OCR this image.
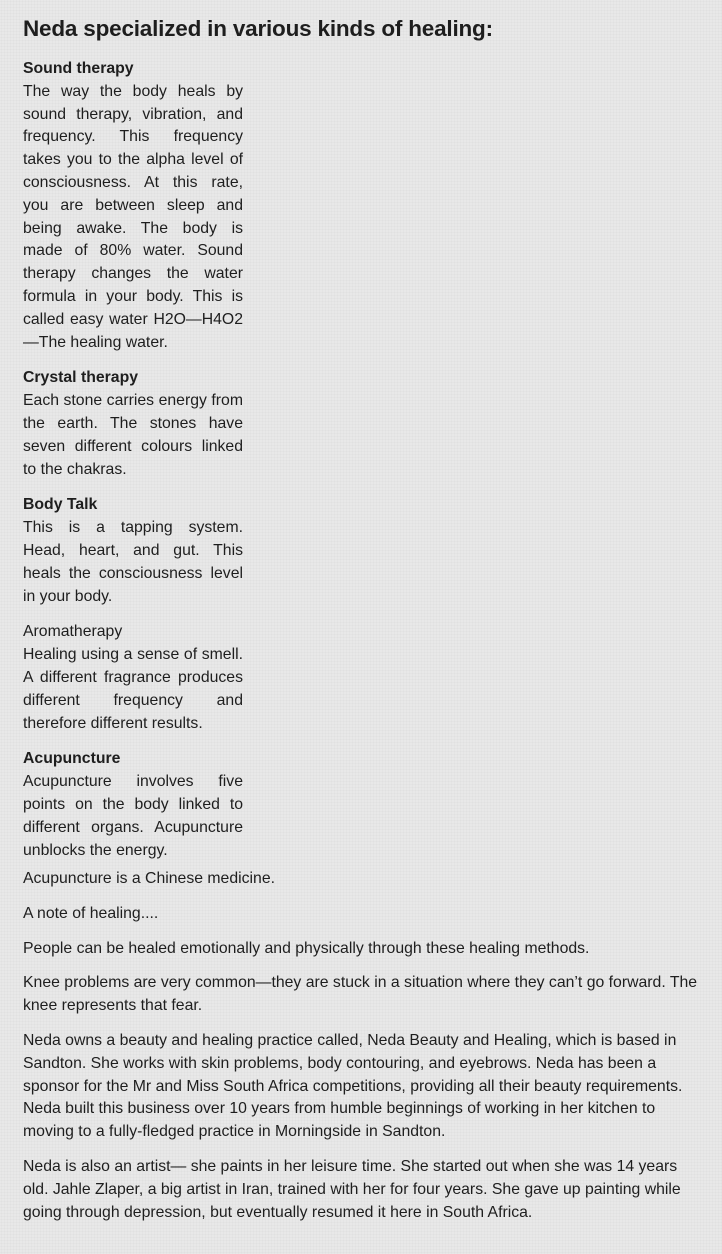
Neda specialized in various kinds of healing:
Sound therapy

The way the body heals by sound therapy, vibration, and frequency. This frequency takes you to the alpha level of consciousness. At this rate, you are between sleep and being awake. The body is made of 80% water. Sound therapy changes the water formula in your body. This is called easy water H2O—H4O2—The healing water.

Crystal therapy

Each stone carries energy from the earth. The stones have seven different colours linked to the chakras.

Body Talk

This is a tapping system. Head, heart, and gut. This heals the consciousness level in your body.

Aromatherapy

Healing using a sense of smell. A different fragrance produces different frequency and therefore different results.

Acupuncture

Acupuncture involves five points on the body linked to different organs. Acupuncture unblocks the energy.

Acupuncture is a Chinese medicine.

A note of healing....

People can be healed emotionally and physically through these healing methods.

Knee problems are very common—they are stuck in a situation where they can’t go forward. The knee represents that fear.

Neda owns a beauty and healing practice called, Neda Beauty and Healing, which is based in Sandton. She works with skin problems, body contouring, and eyebrows. Neda has been a sponsor for the Mr and Miss South Africa competitions, providing all their beauty requirements. Neda built this business over 10 years from humble beginnings of working in her kitchen to moving to a fully-fledged practice in Morningside in Sandton.

Neda is also an artist— she paints in her leisure time. She started out when she was 14 years old. Jahle Zlaper, a big artist in Iran, trained with her for four years. She gave up painting while going through depression, but eventually resumed it here in South Africa.
